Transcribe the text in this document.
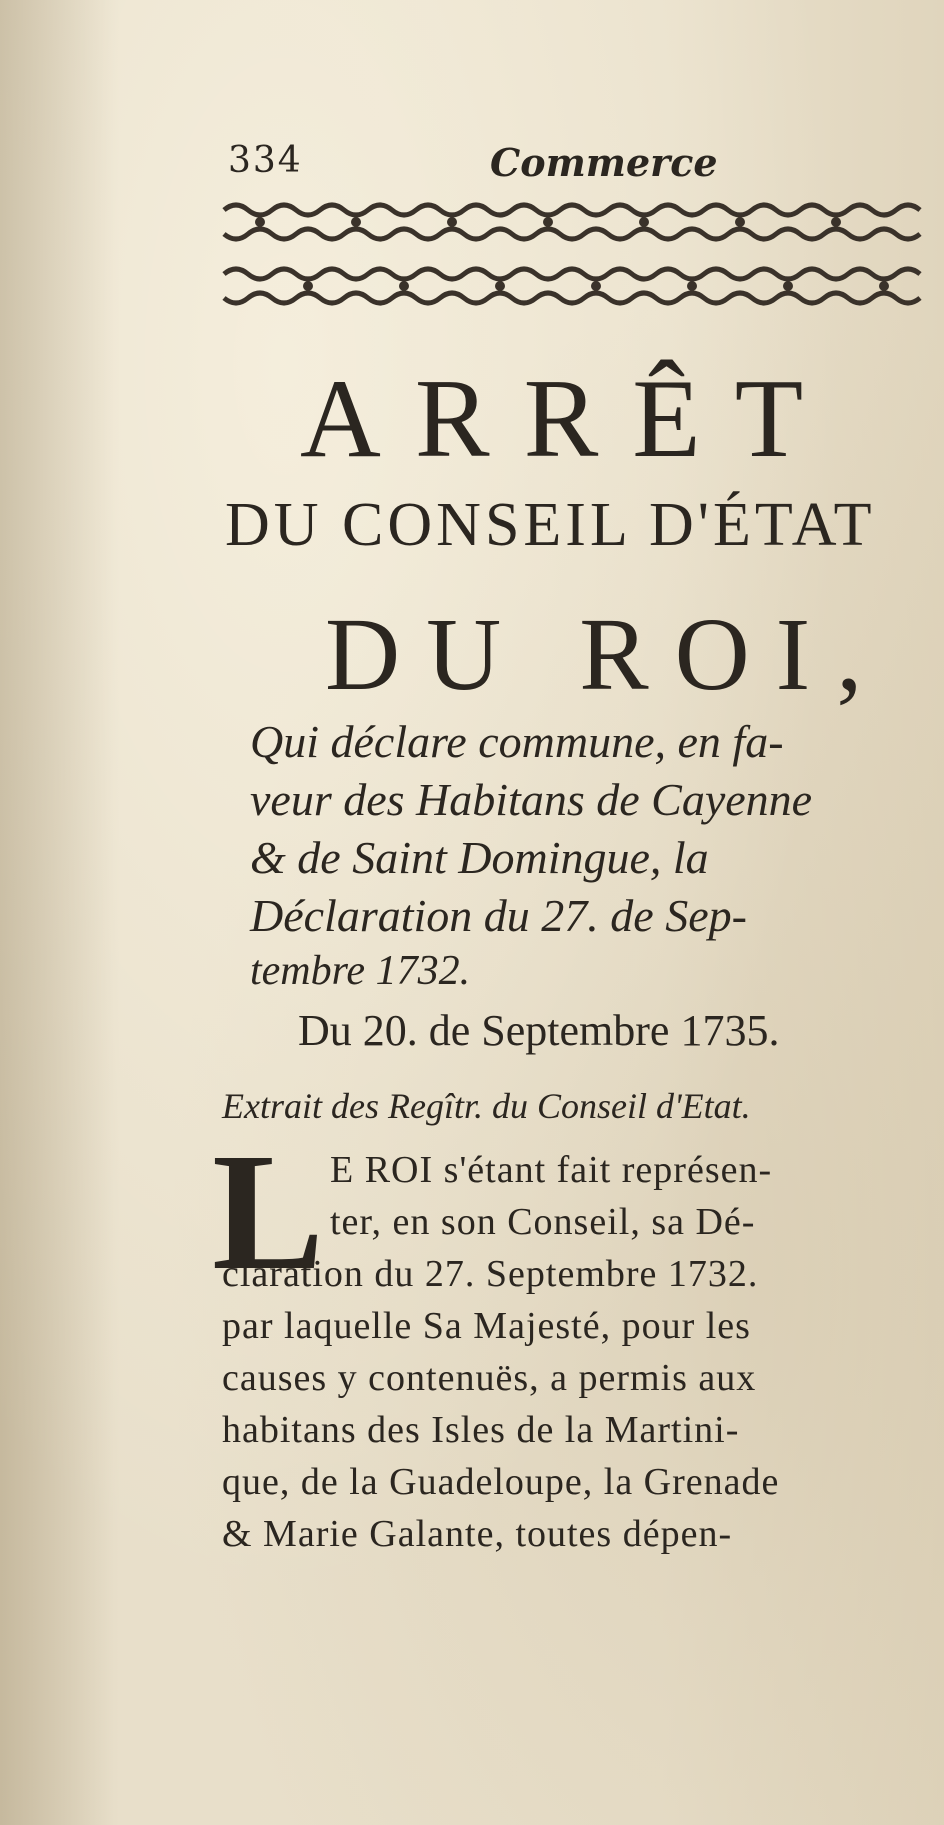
334	Commerce
ARRÊT
DU CONSEIL D'ÉTAT
DU ROI,
Qui déclare commune, en fa-
veur des Habitans de Cayenne
& de Saint Domingue, la
Déclaration du 27. de Sep-
tembre 1732.
Du 20. de Septembre 1735.
Extrait des Regîtr. du Conseil d'Etat.
L E ROI s'étant fait représen-
ter, en son Conseil, sa Dé-
claration du 27. Septembre 1732.
par laquelle Sa Majesté, pour les
causes y contenuës, a permis aux
habitans des Isles de la Martini-
que, de la Guadeloupe, la Grenade
& Marie Galante, toutes dépen-
